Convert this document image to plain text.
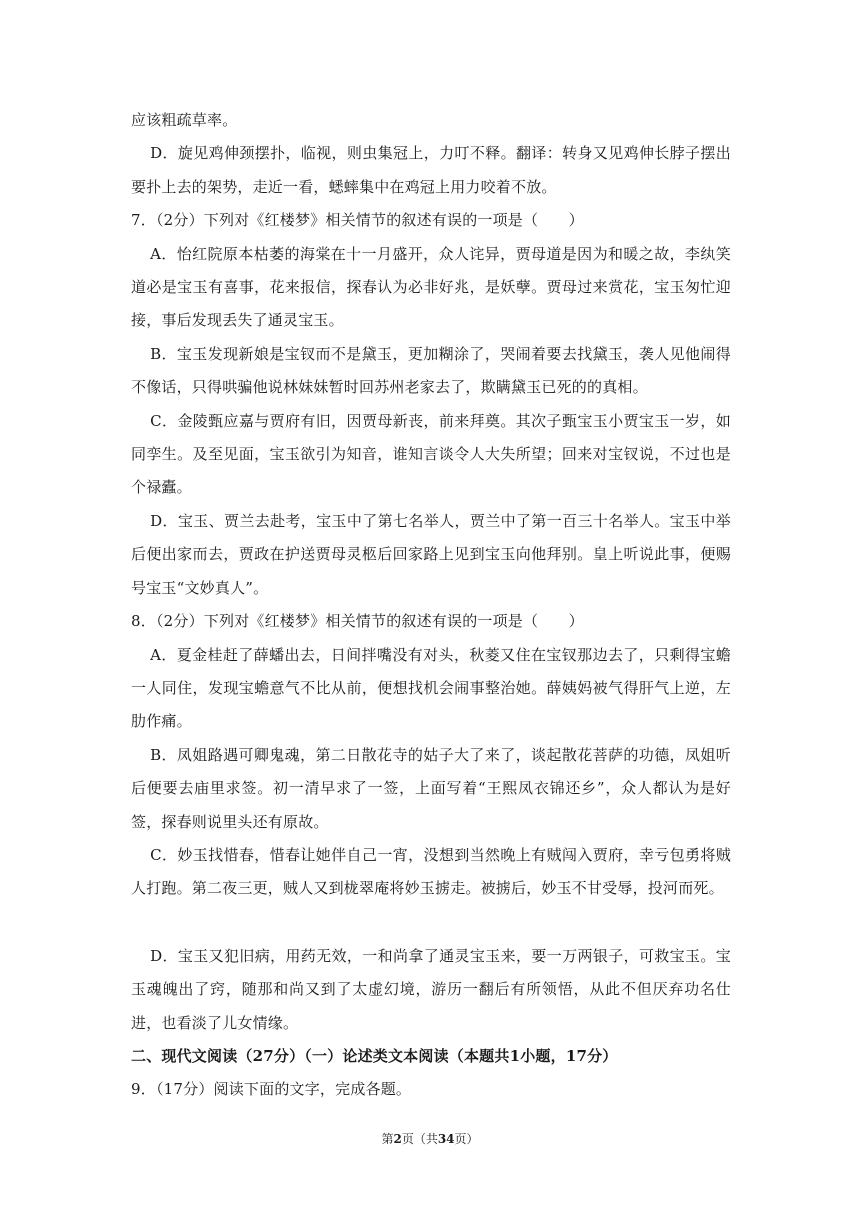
应该粗疏草率。

D．旋见鸡伸颈摆扑，临视，则虫集冠上，力叮不释。翻译：转身又见鸡伸长脖子摆出要扑上去的架势，走近一看，蟋蟀集中在鸡冠上用力咬着不放。

7．（2分）下列对《红楼梦》相关情节的叙述有误的一项是（　　）

A．怡红院原本枯萎的海棠在十一月盛开，众人诧异，贾母道是因为和暖之故，李纨笑道必是宝玉有喜事，花来报信，探春认为必非好兆，是妖孽。贾母过来赏花，宝玉匆忙迎接，事后发现丢失了通灵宝玉。

B．宝玉发现新娘是宝钗而不是黛玉，更加糊涂了，哭闹着要去找黛玉，袭人见他闹得不像话，只得哄骗他说林妹妹暂时回苏州老家去了，欺瞒黛玉已死的的真相。

C．金陵甄应嘉与贾府有旧，因贾母新丧，前来拜奠。其次子甄宝玉小贾宝玉一岁，如同孪生。及至见面，宝玉欲引为知音，谁知言谈令人大失所望；回来对宝钗说，不过也是个禄蠹。

D．宝玉、贾兰去赴考，宝玉中了第七名举人，贾兰中了第一百三十名举人。宝玉中举后便出家而去，贾政在护送贾母灵柩后回家路上见到宝玉向他拜别。皇上听说此事，便赐号宝玉“文妙真人”。

8．（2分）下列对《红楼梦》相关情节的叙述有误的一项是（　　）

A．夏金桂赶了薛蟠出去，日间拌嘴没有对头，秋菱又住在宝钗那边去了，只剩得宝蟾一人同住，发现宝蟾意气不比从前，便想找机会闹事整治她。薛姨妈被气得肝气上逆，左肋作痛。

B．凤姐路遇可卿鬼魂，第二日散花寺的姑子大了来了，谈起散花菩萨的功德，凤姐听后便要去庙里求签。初一清早求了一签，上面写着“王熙凤衣锦还乡”，众人都认为是好签，探春则说里头还有原故。

C．妙玉找惜春，惜春让她伴自己一宵，没想到当然晚上有贼闯入贾府，幸亏包勇将贼人打跑。第二夜三更，贼人又到栊翠庵将妙玉掳走。被掳后，妙玉不甘受辱，投河而死。

D．宝玉又犯旧病，用药无效，一和尚拿了通灵宝玉来，要一万两银子，可救宝玉。宝玉魂魄出了窍，随那和尚又到了太虚幻境，游历一翻后有所领悟，从此不但厌弃功名仕进，也看淡了儿女情缘。

二、现代文阅读（27分）（一）论述类文本阅读（本题共1小题，17分）

9．（17分）阅读下面的文字，完成各题。

第2页（共34页）
